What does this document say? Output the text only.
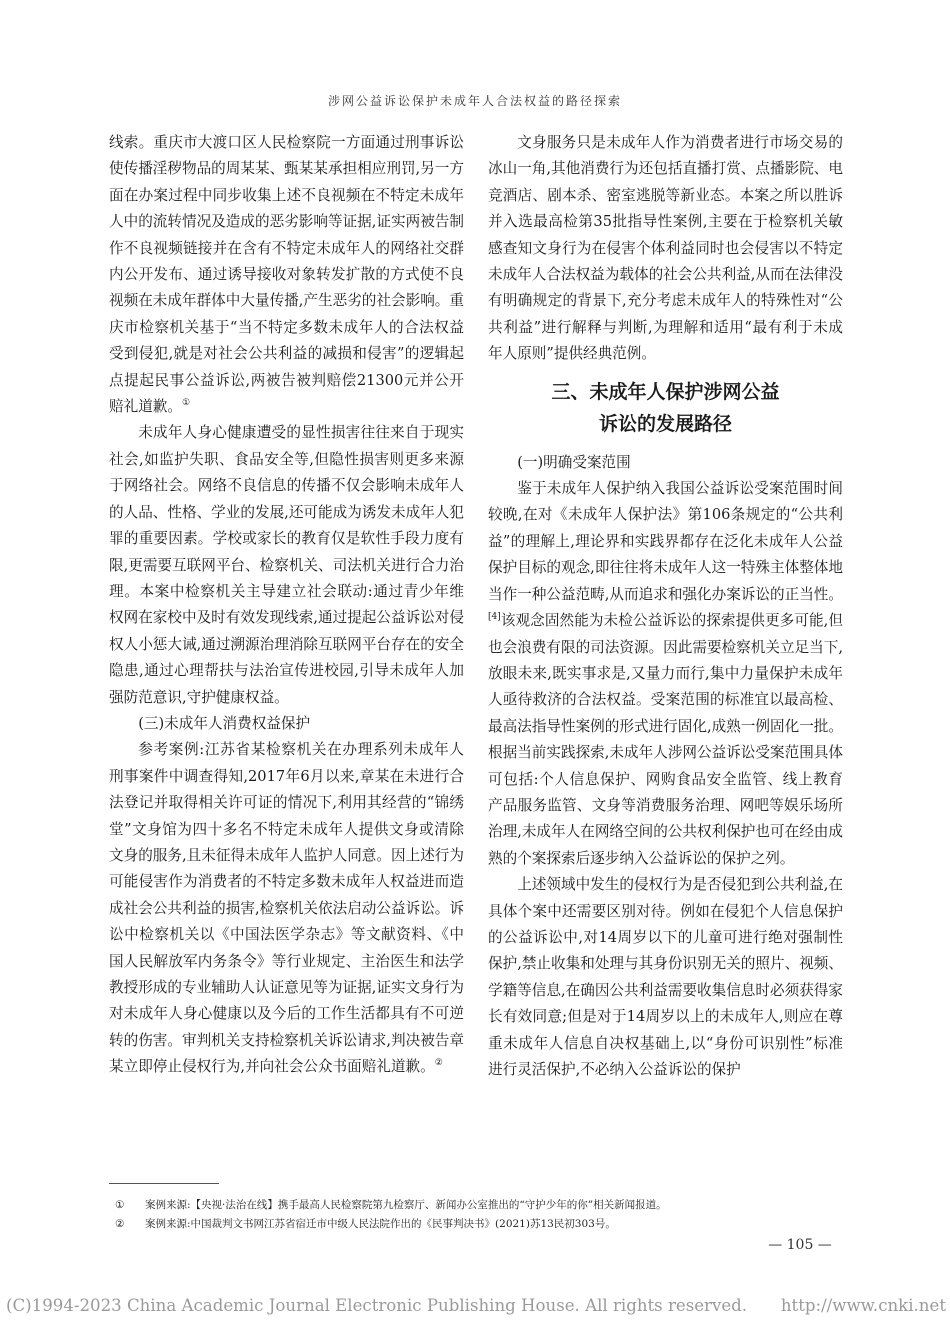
涉网公益诉讼保护未成年人合法权益的路径探索

线索。重庆市大渡口区人民检察院一方面通过刑事诉讼使传播淫秽物品的周某某、甄某某承担相应刑罚,另一方面在办案过程中同步收集上述不良视频在不特定未成年人中的流转情况及造成的恶劣影响等证据,证实两被告制作不良视频链接并在含有不特定未成年人的网络社交群内公开发布、通过诱导接收对象转发扩散的方式使不良视频在未成年群体中大量传播,产生恶劣的社会影响。重庆市检察机关基于“当不特定多数未成年人的合法权益受到侵犯,就是对社会公共利益的减损和侵害”的逻辑起点提起民事公益诉讼,两被告被判赔偿21300元并公开赔礼道歉。①

未成年人身心健康遭受的显性损害往往来自于现实社会,如监护失职、食品安全等,但隐性损害则更多来源于网络社会。网络不良信息的传播不仅会影响未成年人的人品、性格、学业的发展,还可能成为诱发未成年人犯罪的重要因素。学校或家长的教育仅是软性手段力度有限,更需要互联网平台、检察机关、司法机关进行合力治理。本案中检察机关主导建立社会联动:通过青少年维权网在家校中及时有效发现线索,通过提起公益诉讼对侵权人小惩大诫,通过溯源治理消除互联网平台存在的安全隐患,通过心理帮扶与法治宣传进校园,引导未成年人加强防范意识,守护健康权益。

(三)未成年人消费权益保护

参考案例:江苏省某检察机关在办理系列未成年人刑事案件中调查得知,2017年6月以来,章某在未进行合法登记并取得相关许可证的情况下,利用其经营的“锦绣堂”文身馆为四十多名不特定未成年人提供文身或清除文身的服务,且未征得未成年人监护人同意。因上述行为可能侵害作为消费者的不特定多数未成年人权益进而造成社会公共利益的损害,检察机关依法启动公益诉讼。诉讼中检察机关以《中国法医学杂志》等文献资料、《中国人民解放军内务条令》等行业规定、主治医生和法学教授形成的专业辅助人认证意见等为证据,证实文身行为对未成年人身心健康以及今后的工作生活都具有不可逆转的伤害。审判机关支持检察机关诉讼请求,判决被告章某立即停止侵权行为,并向社会公众书面赔礼道歉。②

文身服务只是未成年人作为消费者进行市场交易的冰山一角,其他消费行为还包括直播打赏、点播影院、电竞酒店、剧本杀、密室逃脱等新业态。本案之所以胜诉并入选最高检第35批指导性案例,主要在于检察机关敏感查知文身行为在侵害个体利益同时也会侵害以不特定未成年人合法权益为载体的社会公共利益,从而在法律没有明确规定的背景下,充分考虑未成年人的特殊性对“公共利益”进行解释与判断,为理解和适用“最有利于未成年人原则”提供经典范例。

三、未成年人保护涉网公益
诉讼的发展路径

(一)明确受案范围

鉴于未成年人保护纳入我国公益诉讼受案范围时间较晚,在对《未成年人保护法》第106条规定的“公共利益”的理解上,理论界和实践界都存在泛化未成年人公益保护目标的观念,即往往将未成年人这一特殊主体整体地当作一种公益范畴,从而追求和强化办案诉讼的正当性。[4]该观念固然能为未检公益诉讼的探索提供更多可能,但也会浪费有限的司法资源。因此需要检察机关立足当下,放眼未来,既实事求是,又量力而行,集中力量保护未成年人亟待救济的合法权益。受案范围的标准宜以最高检、最高法指导性案例的形式进行固化,成熟一例固化一批。根据当前实践探索,未成年人涉网公益诉讼受案范围具体可包括:个人信息保护、网购食品安全监管、线上教育产品服务监管、文身等消费服务治理、网吧等娱乐场所治理,未成年人在网络空间的公共权利保护也可在经由成熟的个案探索后逐步纳入公益诉讼的保护之列。

上述领域中发生的侵权行为是否侵犯到公共利益,在具体个案中还需要区别对待。例如在侵犯个人信息保护的公益诉讼中,对14周岁以下的儿童可进行绝对强制性保护,禁止收集和处理与其身份识别无关的照片、视频、学籍等信息,在确因公共利益需要收集信息时必须获得家长有效同意;但是对于14周岁以上的未成年人,则应在尊重未成年人信息自决权基础上,以“身份可识别性”标准进行灵活保护,不必纳入公益诉讼的保护

①	案例来源:【央视·法治在线】携手最高人民检察院第九检察厅、新闻办公室推出的“守护少年的你”相关新闻报道。
②	案例来源:中国裁判文书网江苏省宿迁市中级人民法院作出的《民事判决书》(2021)苏13民初303号。
— 105 —
(C)1994-2023 China Academic Journal Electronic Publishing House. All rights reserved. http://www.cnki.net
